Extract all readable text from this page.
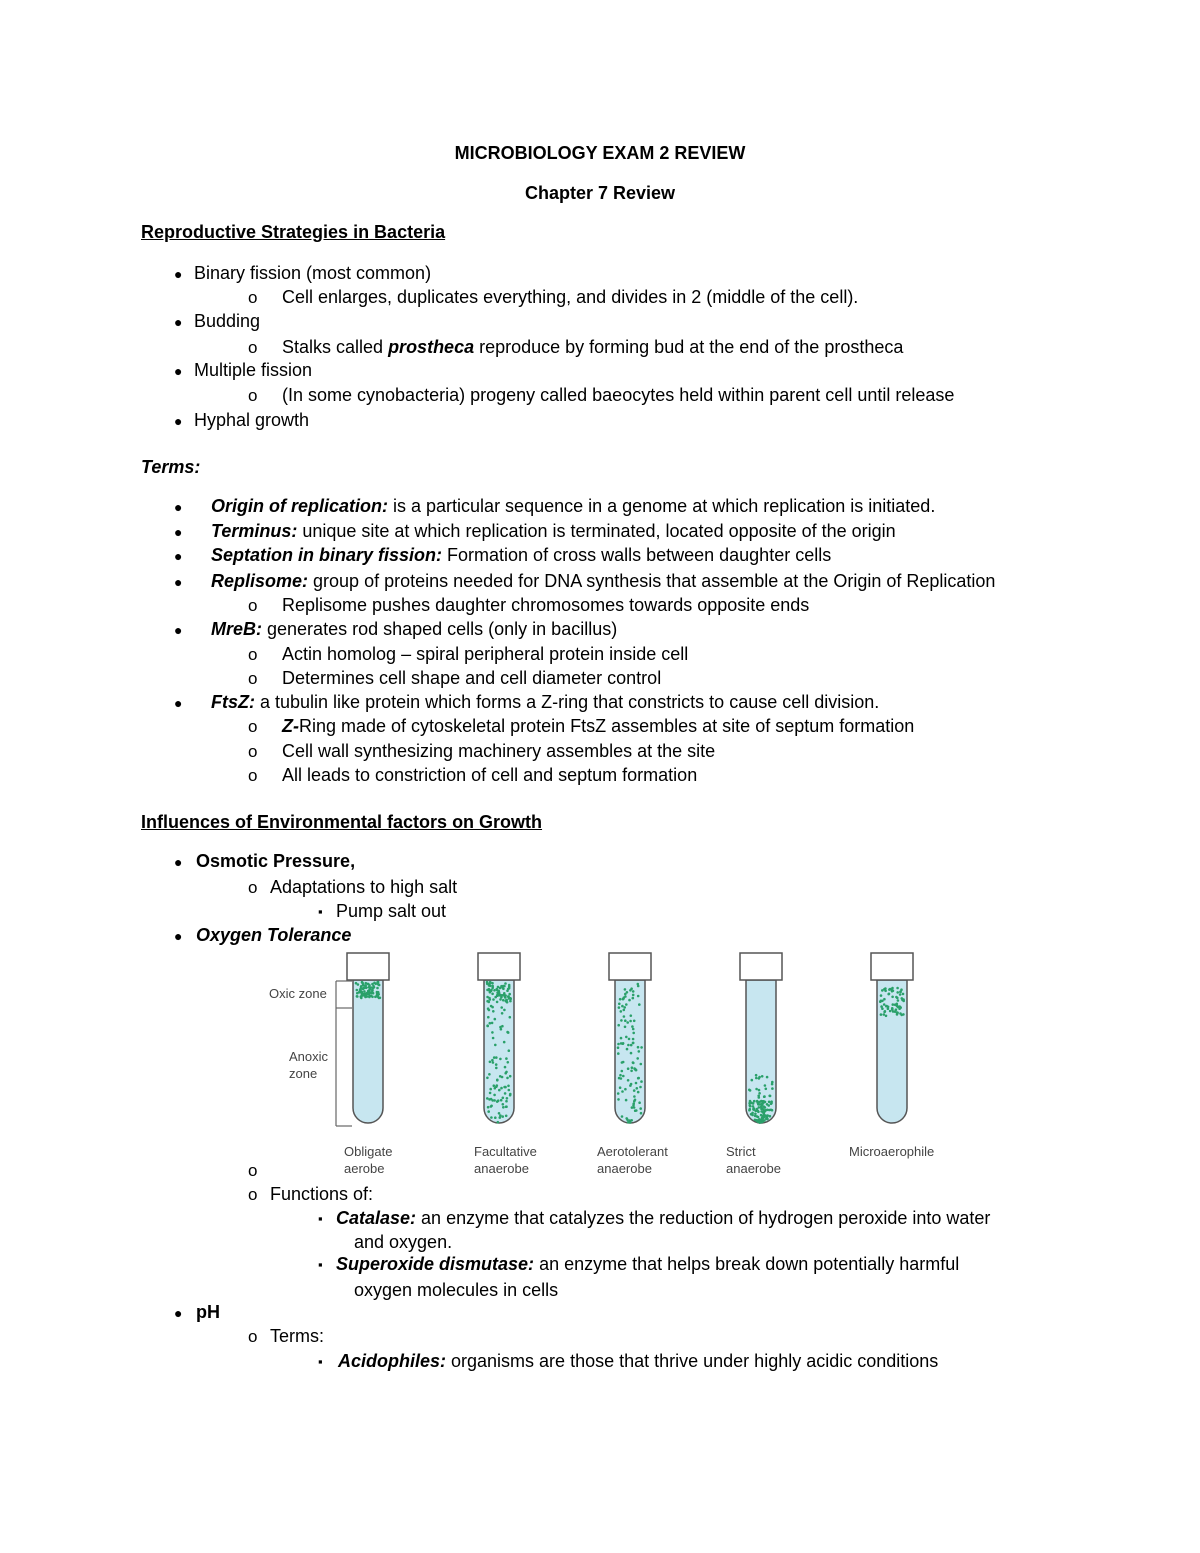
MICROBIOLOGY EXAM 2 REVIEW
Chapter 7 Review
Reproductive Strategies in Bacteria
● Binary fission (most common)
o Cell enlarges, duplicates everything, and divides in 2 (middle of the cell).
● Budding
o Stalks called prostheca reproduce by forming bud at the end of the prostheca
● Multiple fission
o (In some cynobacteria) progeny called baeocytes held within parent cell until release
● Hyphal growth
Terms:
● Origin of replication: is a particular sequence in a genome at which replication is initiated.
● Terminus: unique site at which replication is terminated, located opposite of the origin
● Septation in binary fission: Formation of cross walls between daughter cells
● Replisome: group of proteins needed for DNA synthesis that assemble at the Origin of Replication
o Replisome pushes daughter chromosomes towards opposite ends
● MreB: generates rod shaped cells (only in bacillus)
o Actin homolog – spiral peripheral protein inside cell
o Determines cell shape and cell diameter control
● FtsZ: a tubulin like protein which forms a Z-ring that constricts to cause cell division.
o Z-Ring made of cytoskeletal protein FtsZ assembles at site of septum formation
o Cell wall synthesizing machinery assembles at the site
o All leads to constriction of cell and septum formation
Influences of Environmental factors on Growth
● Osmotic Pressure,
o Adaptations to high salt
▪ Pump salt out
● Oxygen Tolerance
Oxic zone
Anoxic
zone
Obligate
aerobe
Facultative
anaerobe
Aerotolerant
anaerobe
Strict
anaerobe
Microaerophile
o
o Functions of:
▪ Catalase: an enzyme that catalyzes the reduction of hydrogen peroxide into water
and oxygen.
▪ Superoxide dismutase: an enzyme that helps break down potentially harmful
oxygen molecules in cells
● pH
o Terms:
▪ Acidophiles: organisms are those that thrive under highly acidic conditions
